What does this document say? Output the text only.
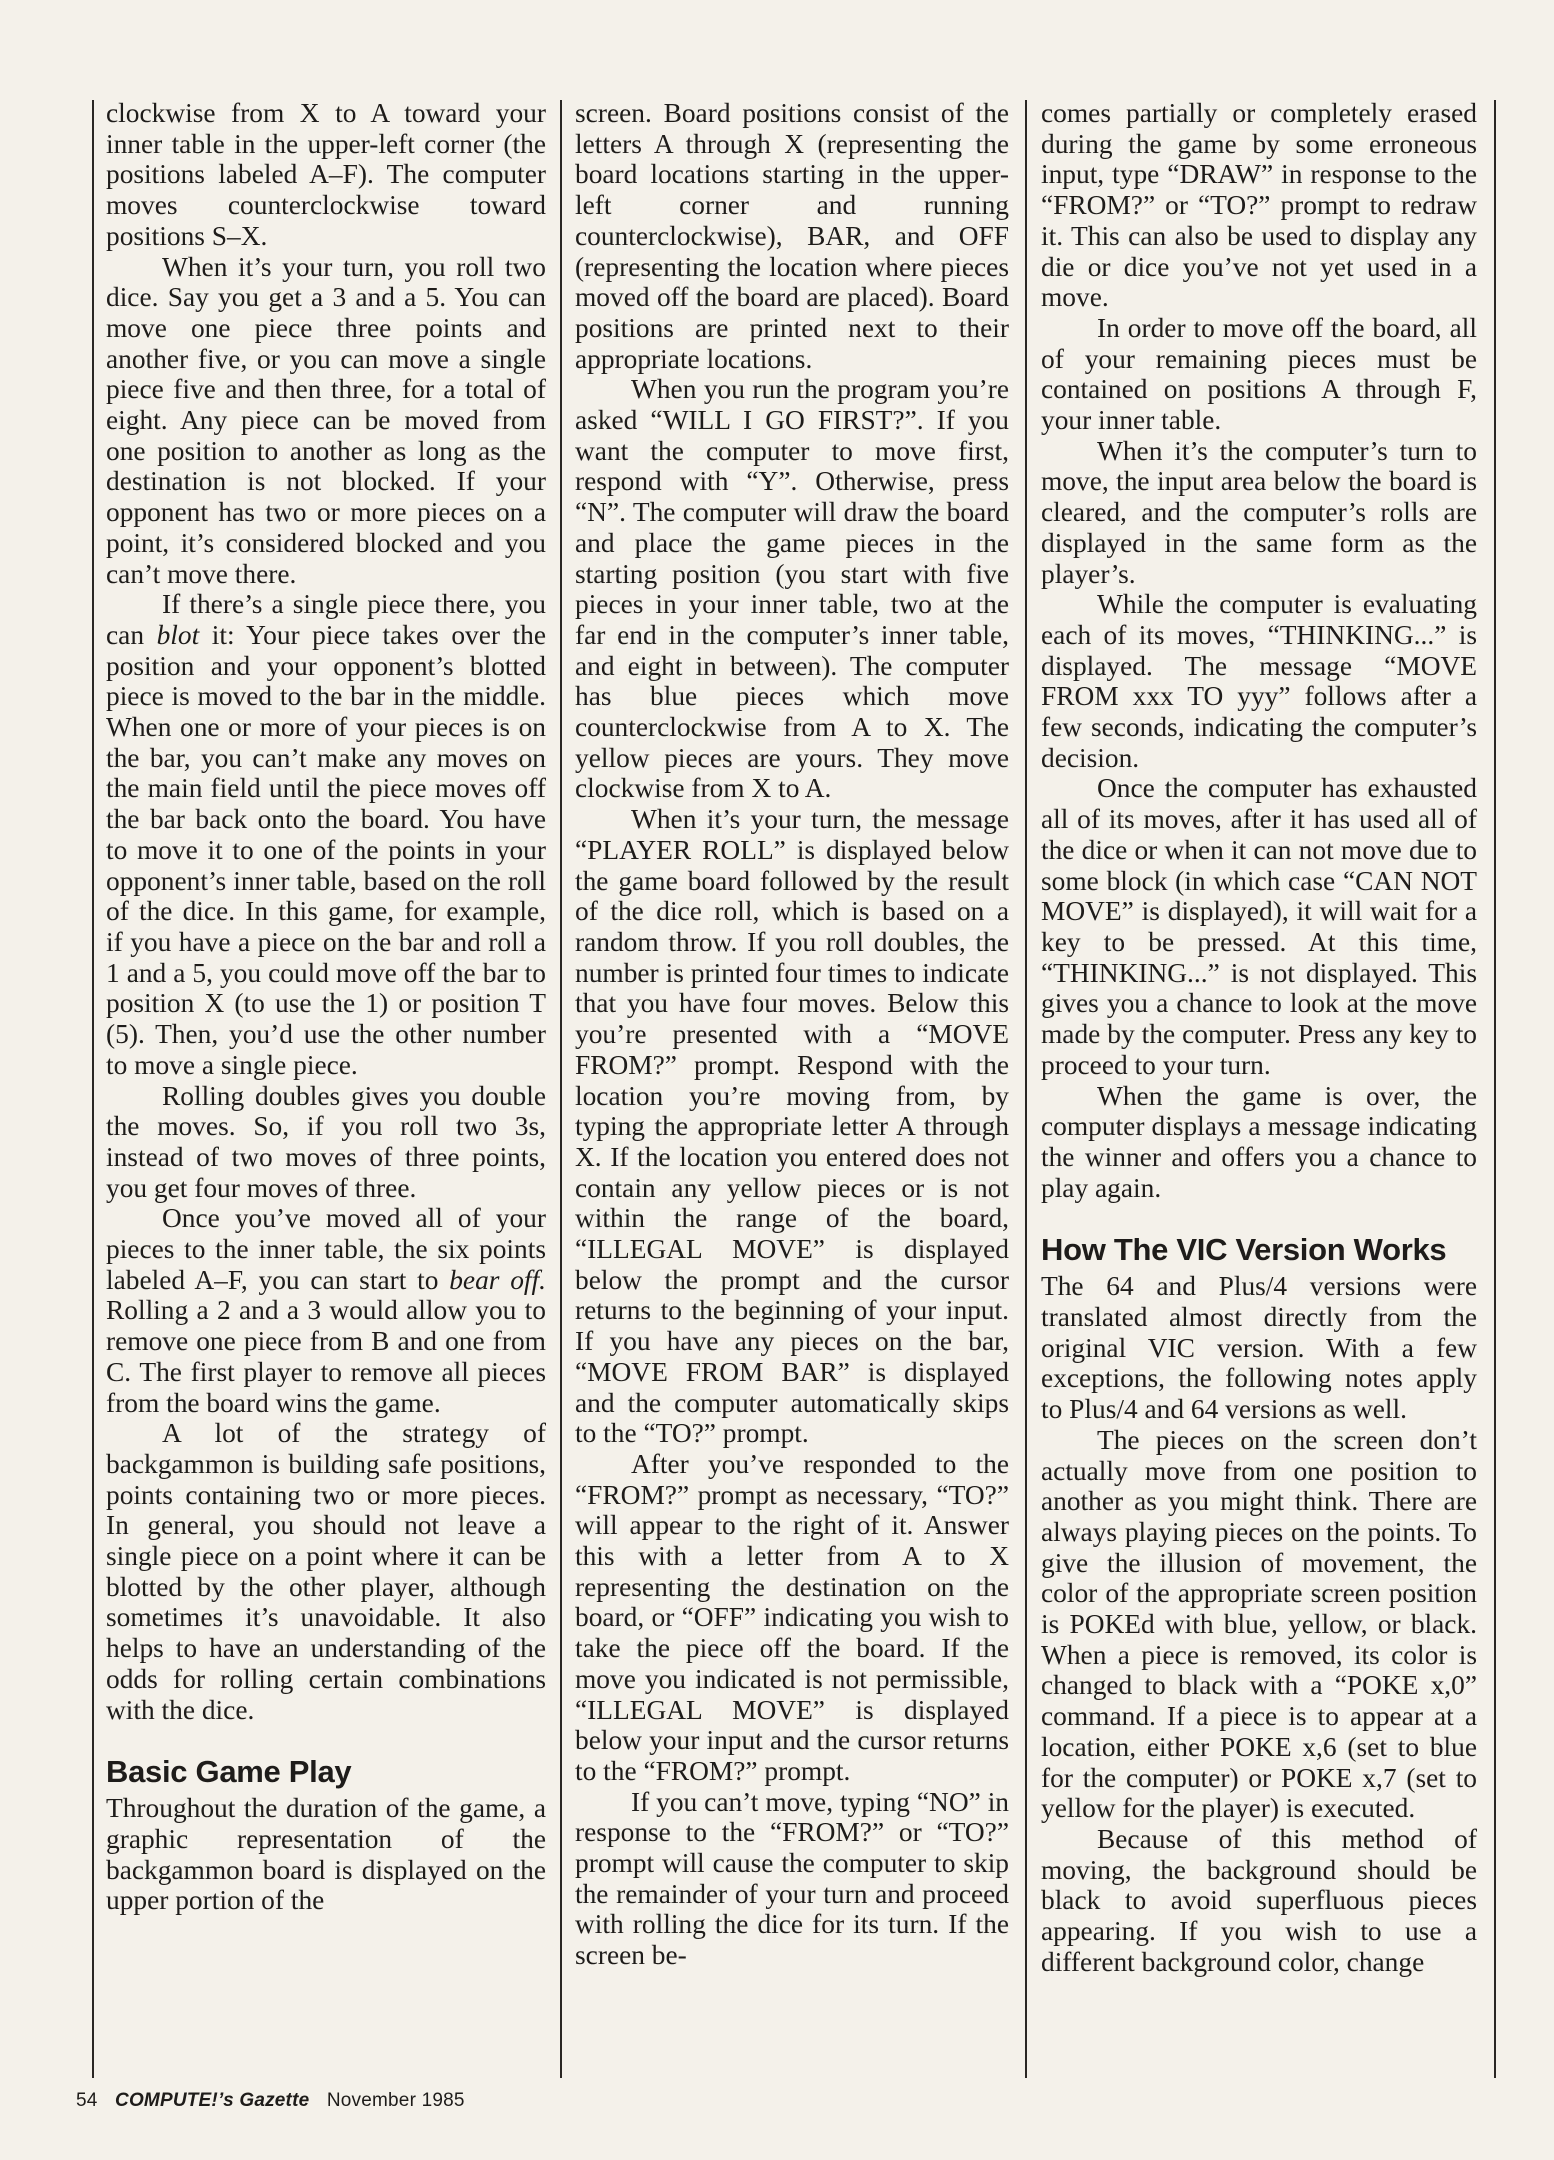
clockwise from X to A toward your inner table in the upper-left corner (the positions labeled A–F). The computer moves counterclockwise toward positions S–X.

When it’s your turn, you roll two dice. Say you get a 3 and a 5. You can move one piece three points and another five, or you can move a single piece five and then three, for a total of eight. Any piece can be moved from one position to another as long as the destination is not blocked. If your opponent has two or more pieces on a point, it’s considered blocked and you can’t move there.

If there’s a single piece there, you can blot it: Your piece takes over the position and your opponent’s blotted piece is moved to the bar in the middle. When one or more of your pieces is on the bar, you can’t make any moves on the main field until the piece moves off the bar back onto the board. You have to move it to one of the points in your opponent’s inner table, based on the roll of the dice. In this game, for example, if you have a piece on the bar and roll a 1 and a 5, you could move off the bar to position X (to use the 1) or position T (5). Then, you’d use the other number to move a single piece.

Rolling doubles gives you double the moves. So, if you roll two 3s, instead of two moves of three points, you get four moves of three.

Once you’ve moved all of your pieces to the inner table, the six points labeled A–F, you can start to bear off. Rolling a 2 and a 3 would allow you to remove one piece from B and one from C. The first player to remove all pieces from the board wins the game.

A lot of the strategy of backgammon is building safe positions, points containing two or more pieces. In general, you should not leave a single piece on a point where it can be blotted by the other player, although sometimes it’s unavoidable. It also helps to have an understanding of the odds for rolling certain combinations with the dice.

Basic Game Play

Throughout the duration of the game, a graphic representation of the backgammon board is displayed on the upper portion of the

screen. Board positions consist of the letters A through X (representing the board locations starting in the upper-left corner and running counterclockwise), BAR, and OFF (representing the location where pieces moved off the board are placed). Board positions are printed next to their appropriate locations.

When you run the program you’re asked “WILL I GO FIRST?”. If you want the computer to move first, respond with “Y”. Otherwise, press “N”. The computer will draw the board and place the game pieces in the starting position (you start with five pieces in your inner table, two at the far end in the computer’s inner table, and eight in between). The computer has blue pieces which move counterclockwise from A to X. The yellow pieces are yours. They move clockwise from X to A.

When it’s your turn, the message “PLAYER ROLL” is displayed below the game board followed by the result of the dice roll, which is based on a random throw. If you roll doubles, the number is printed four times to indicate that you have four moves. Below this you’re presented with a “MOVE FROM?” prompt. Respond with the location you’re moving from, by typing the appropriate letter A through X. If the location you entered does not contain any yellow pieces or is not within the range of the board, “ILLEGAL MOVE” is displayed below the prompt and the cursor returns to the beginning of your input. If you have any pieces on the bar, “MOVE FROM BAR” is displayed and the computer automatically skips to the “TO?” prompt.

After you’ve responded to the “FROM?” prompt as necessary, “TO?” will appear to the right of it. Answer this with a letter from A to X representing the destination on the board, or “OFF” indicating you wish to take the piece off the board. If the move you indicated is not permissible, “ILLEGAL MOVE” is displayed below your input and the cursor returns to the “FROM?” prompt.

If you can’t move, typing “NO” in response to the “FROM?” or “TO?” prompt will cause the computer to skip the remainder of your turn and proceed with rolling the dice for its turn. If the screen be-

comes partially or completely erased during the game by some erroneous input, type “DRAW” in response to the “FROM?” or “TO?” prompt to redraw it. This can also be used to display any die or dice you’ve not yet used in a move.

In order to move off the board, all of your remaining pieces must be contained on positions A through F, your inner table.

When it’s the computer’s turn to move, the input area below the board is cleared, and the computer’s rolls are displayed in the same form as the player’s.

While the computer is evaluating each of its moves, “THINKING...” is displayed. The message “MOVE FROM xxx TO yyy” follows after a few seconds, indicating the computer’s decision.

Once the computer has exhausted all of its moves, after it has used all of the dice or when it can not move due to some block (in which case “CAN NOT MOVE” is displayed), it will wait for a key to be pressed. At this time, “THINKING...” is not displayed. This gives you a chance to look at the move made by the computer. Press any key to proceed to your turn.

When the game is over, the computer displays a message indicating the winner and offers you a chance to play again.

How The VIC Version Works

The 64 and Plus/4 versions were translated almost directly from the original VIC version. With a few exceptions, the following notes apply to Plus/4 and 64 versions as well.

The pieces on the screen don’t actually move from one position to another as you might think. There are always playing pieces on the points. To give the illusion of movement, the color of the appropriate screen position is POKEd with blue, yellow, or black. When a piece is removed, its color is changed to black with a “POKE x,0” command. If a piece is to appear at a location, either POKE x,6 (set to blue for the computer) or POKE x,7 (set to yellow for the player) is executed.

Because of this method of moving, the background should be black to avoid superfluous pieces appearing. If you wish to use a different background color, change

54 COMPUTE!’s Gazette November 1985
